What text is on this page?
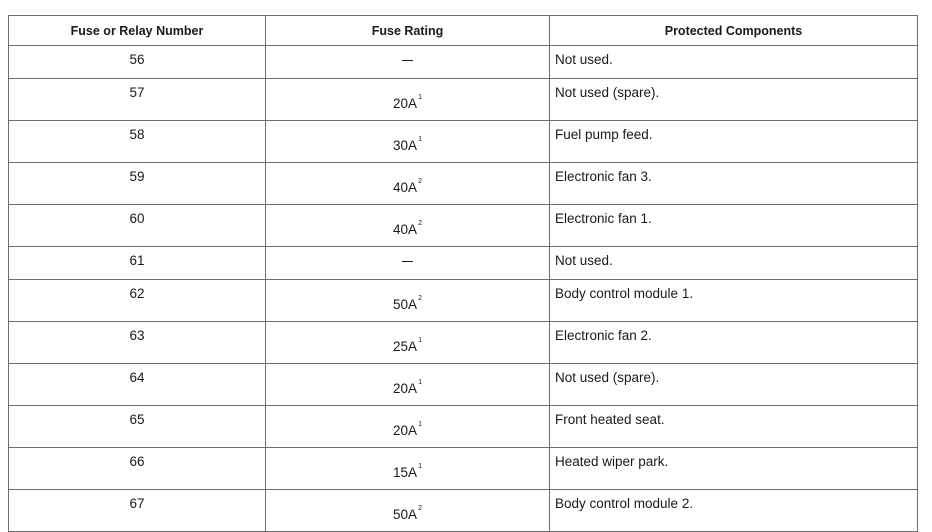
Fuse or Relay Number	Fuse Rating	Protected Components
56		Not used.
57	20A$^1$	Not used (spare).
58	30A$^1$	Fuel pump feed.
59	40A$^2$	Electronic fan 3.
60	40A$^2$	Electronic fan 1.
61		Not used.
62	50A$^2$	Body control module 1.
63	25A$^1$	Electronic fan 2.
64	20A$^1$	Not used (spare).
65	20A$^1$	Front heated seat.
66	15A$^1$	Heated wiper park.
67	50A$^2$	Body control module 2.
